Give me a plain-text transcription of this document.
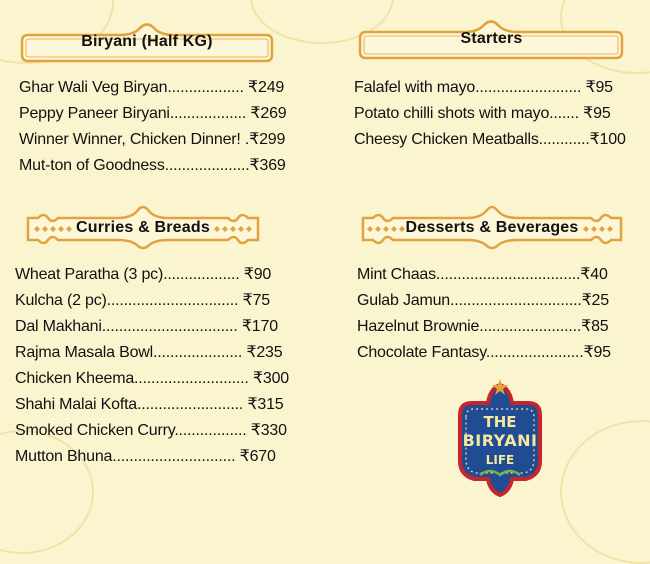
Biryani (Half KG)	Starters
Curries & Breads	Desserts & Beverages
Ghar Wali Veg Biryan.................. ₹249
Peppy Paneer Biryani.................. ₹269
Winner Winner, Chicken Dinner! .₹299
Mut-ton of Goodness....................₹369
Falafel with mayo......................... ₹95
Potato chilli shots with mayo....... ₹95
Cheesy Chicken Meatballs............₹100
Wheat Paratha (3 pc).................. ₹90
Kulcha (2 pc)............................... ₹75
Dal Makhani................................ ₹170
Rajma Masala Bowl..................... ₹235
Chicken Kheema........................... ₹300
Shahi Malai Kofta......................... ₹315
Smoked Chicken Curry................. ₹330
Mutton Bhuna............................. ₹670
Mint Chaas..................................₹40
Gulab Jamun...............................₹25
Hazelnut Brownie........................₹85
Chocolate Fantasy.......................₹95
THE
BIRYANI
LIFE
